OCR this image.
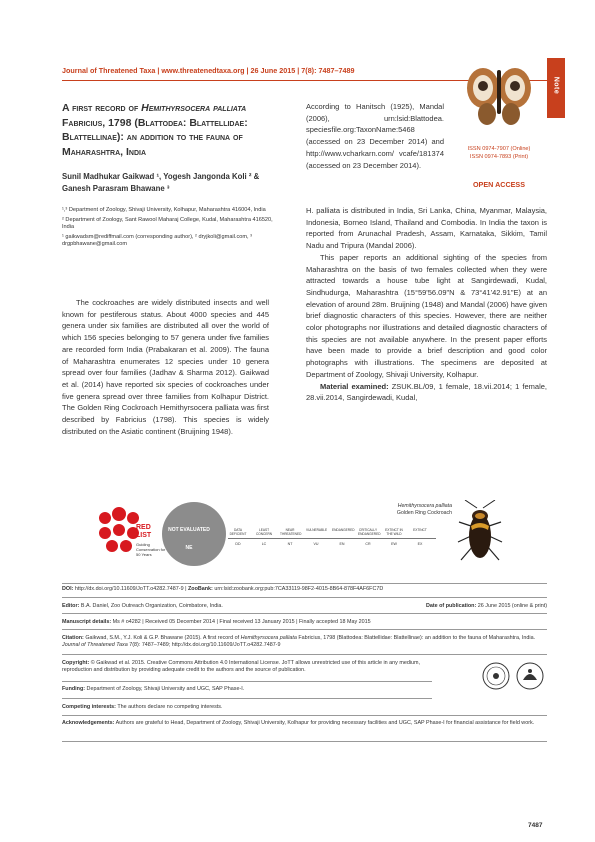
Journal of Threatened Taxa | www.threatenedtaxa.org | 26 June 2015 | 7(8): 7487–7489
Note
ISSN 0974-7907 (Online)
ISSN 0974-7893 (Print)
OPEN ACCESS
A first record of Hemithyrsocera palliata Fabricius, 1798 (Blattodea: Blattellidae: Blattellinae): an addition to the fauna of Maharashtra, India
Sunil Madhukar Gaikwad ¹, Yogesh Jangonda Koli ² & Ganesh Parasram Bhawane ³

¹,³ Department of Zoology, Shivaji University, Kolhapur, Maharashtra 416004, India

² Department of Zoology, Sant Rawool Maharaj College, Kudal, Maharashtra 416520, India

¹ gaikwadsm@rediffmail.com (corresponding author), ² dryjkoli@gmail.com, ³ drgpbhawane@gmail.com

The cockroaches are widely distributed insects and well known for pestiferous status. About 4000 species and 445 genera under six families are distributed all over the world of which 156 species belonging to 57 genera under five families are recorded form India (Prabakaran et al. 2009). The fauna of Maharashtra enumerates 12 species under 10 genera spread over four families (Jadhav & Sharma 2012). Gaikwad et al. (2014) have reported six species of cockroaches under five genera spread over three families from Kolhapur District. The Golden Ring Cockroach Hemithyrsocera palliata was first described by Fabricius (1798). This species is widely distributed on the Asiatic continent (Bruijning 1948).

According to Hanitsch (1925), Mandal (2006), urn:lsid:Blattodea. speciesfile.org:TaxonName:5468 (accessed on 23 December 2014) and http://www.vcharkarn.com/ vcafe/181374 (accessed on 23 December 2014).

H. palliata is distributed in India, Sri Lanka, China, Myanmar, Malaysia, Indonesia, Borneo Island, Thailand and Combodia. In India the taxon is reported from Arunachal Pradesh, Assam, Karnataka, Sikkim, Tamil Nadu and Tripura (Mandal 2006).

This paper reports an additional sighting of the species from Maharashtra on the basis of two females collected when they were attracted towards a house tube light at Sangirdewadi, Kudal, Sindhudurga, Maharashtra (15°59'56.09"N & 73°41'42.91"E) at an elevation of around 28m. Bruijning (1948) and Mandal (2006) have given brief diagnostic characters of this species. However, there are neither color photographs nor illustrations and detailed diagnostic characters of this species are not available anywhere. In the present paper efforts have been made to provide a brief description and good color photographs with illustrations. The specimens are deposited at Department of Zoology, Shivaji University, Kolhapur.

Material examined: ZSUK.BL/09, 1 female, 18.vii.2014; 1 female, 28.vii.2014, Sangirdewadi, Kudal,

RED
LIST
Guiding Conservation for 50 Years
NOT EVALUATED
NE
DATA DEFICIENT
DD
LEAST CONCERN
LC
NEAR THREATENED
NT
VULNERABLE
VU
ENDANGERED
EN
CRITICALLY ENDANGERED
CR
EXTINCT IN THE WILD
EW
EXTINCT
EX
Hemithyrsocera palliata
Golden Ring Cockroach
DOI: http://dx.doi.org/10.11609/JoTT.o4282.7487-9 | ZooBank: urn:lsid:zoobank.org:pub:7CA33119-98F2-4015-8B64-878F4AF6FC7D
Editor: B.A. Daniel, Zoo Outreach Organization, Coimbatore, India.	Date of publication: 26 June 2015 (online & print)
Manuscript details: Ms # o4282 | Received 05 December 2014 | Final received 13 January 2015 | Finally accepted 18 May 2015
Citation: Gaikwad, S.M., Y.J. Koli & G.P. Bhawane (2015). A first record of Hemithyrsocera palliata Fabricius, 1798 (Blattodea: Blattellidae: Blattellinae): an addition to the fauna of Maharashtra, India. Journal of Threatened Taxa 7(8): 7487–7489; http://dx.doi.org/10.11609/JoTT.o4282.7487-9
Copyright: © Gaikwad et al. 2015. Creative Commons Attribution 4.0 International License. JoTT allows unrestricted use of this article in any medium, reproduction and distribution by providing adequate credit to the authors and the source of publication.
Funding: Department of Zoology, Shivaji University and UGC, SAP Phase-I.
Competing interests: The authors declare no competing interests.
Acknowledgements: Authors are grateful to Head, Department of Zoology, Shivaji University, Kolhapur for providing necessary facilities and UGC, SAP Phase-I for financial assistance for field work.
7487
